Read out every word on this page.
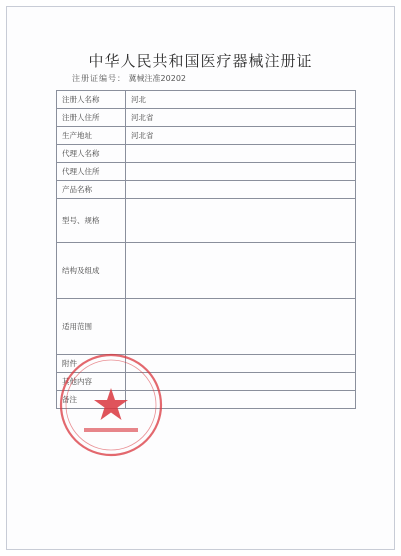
中华人民共和国医疗器械注册证
注册证编号： 冀械注准20202
注册人名称	河北
注册人住所	河北省
生产地址	河北省
代理人名称	
代理人住所	
产品名称	
型号、规格	
结构及组成	
适用范围	
附件	
其他内容	
备注	
